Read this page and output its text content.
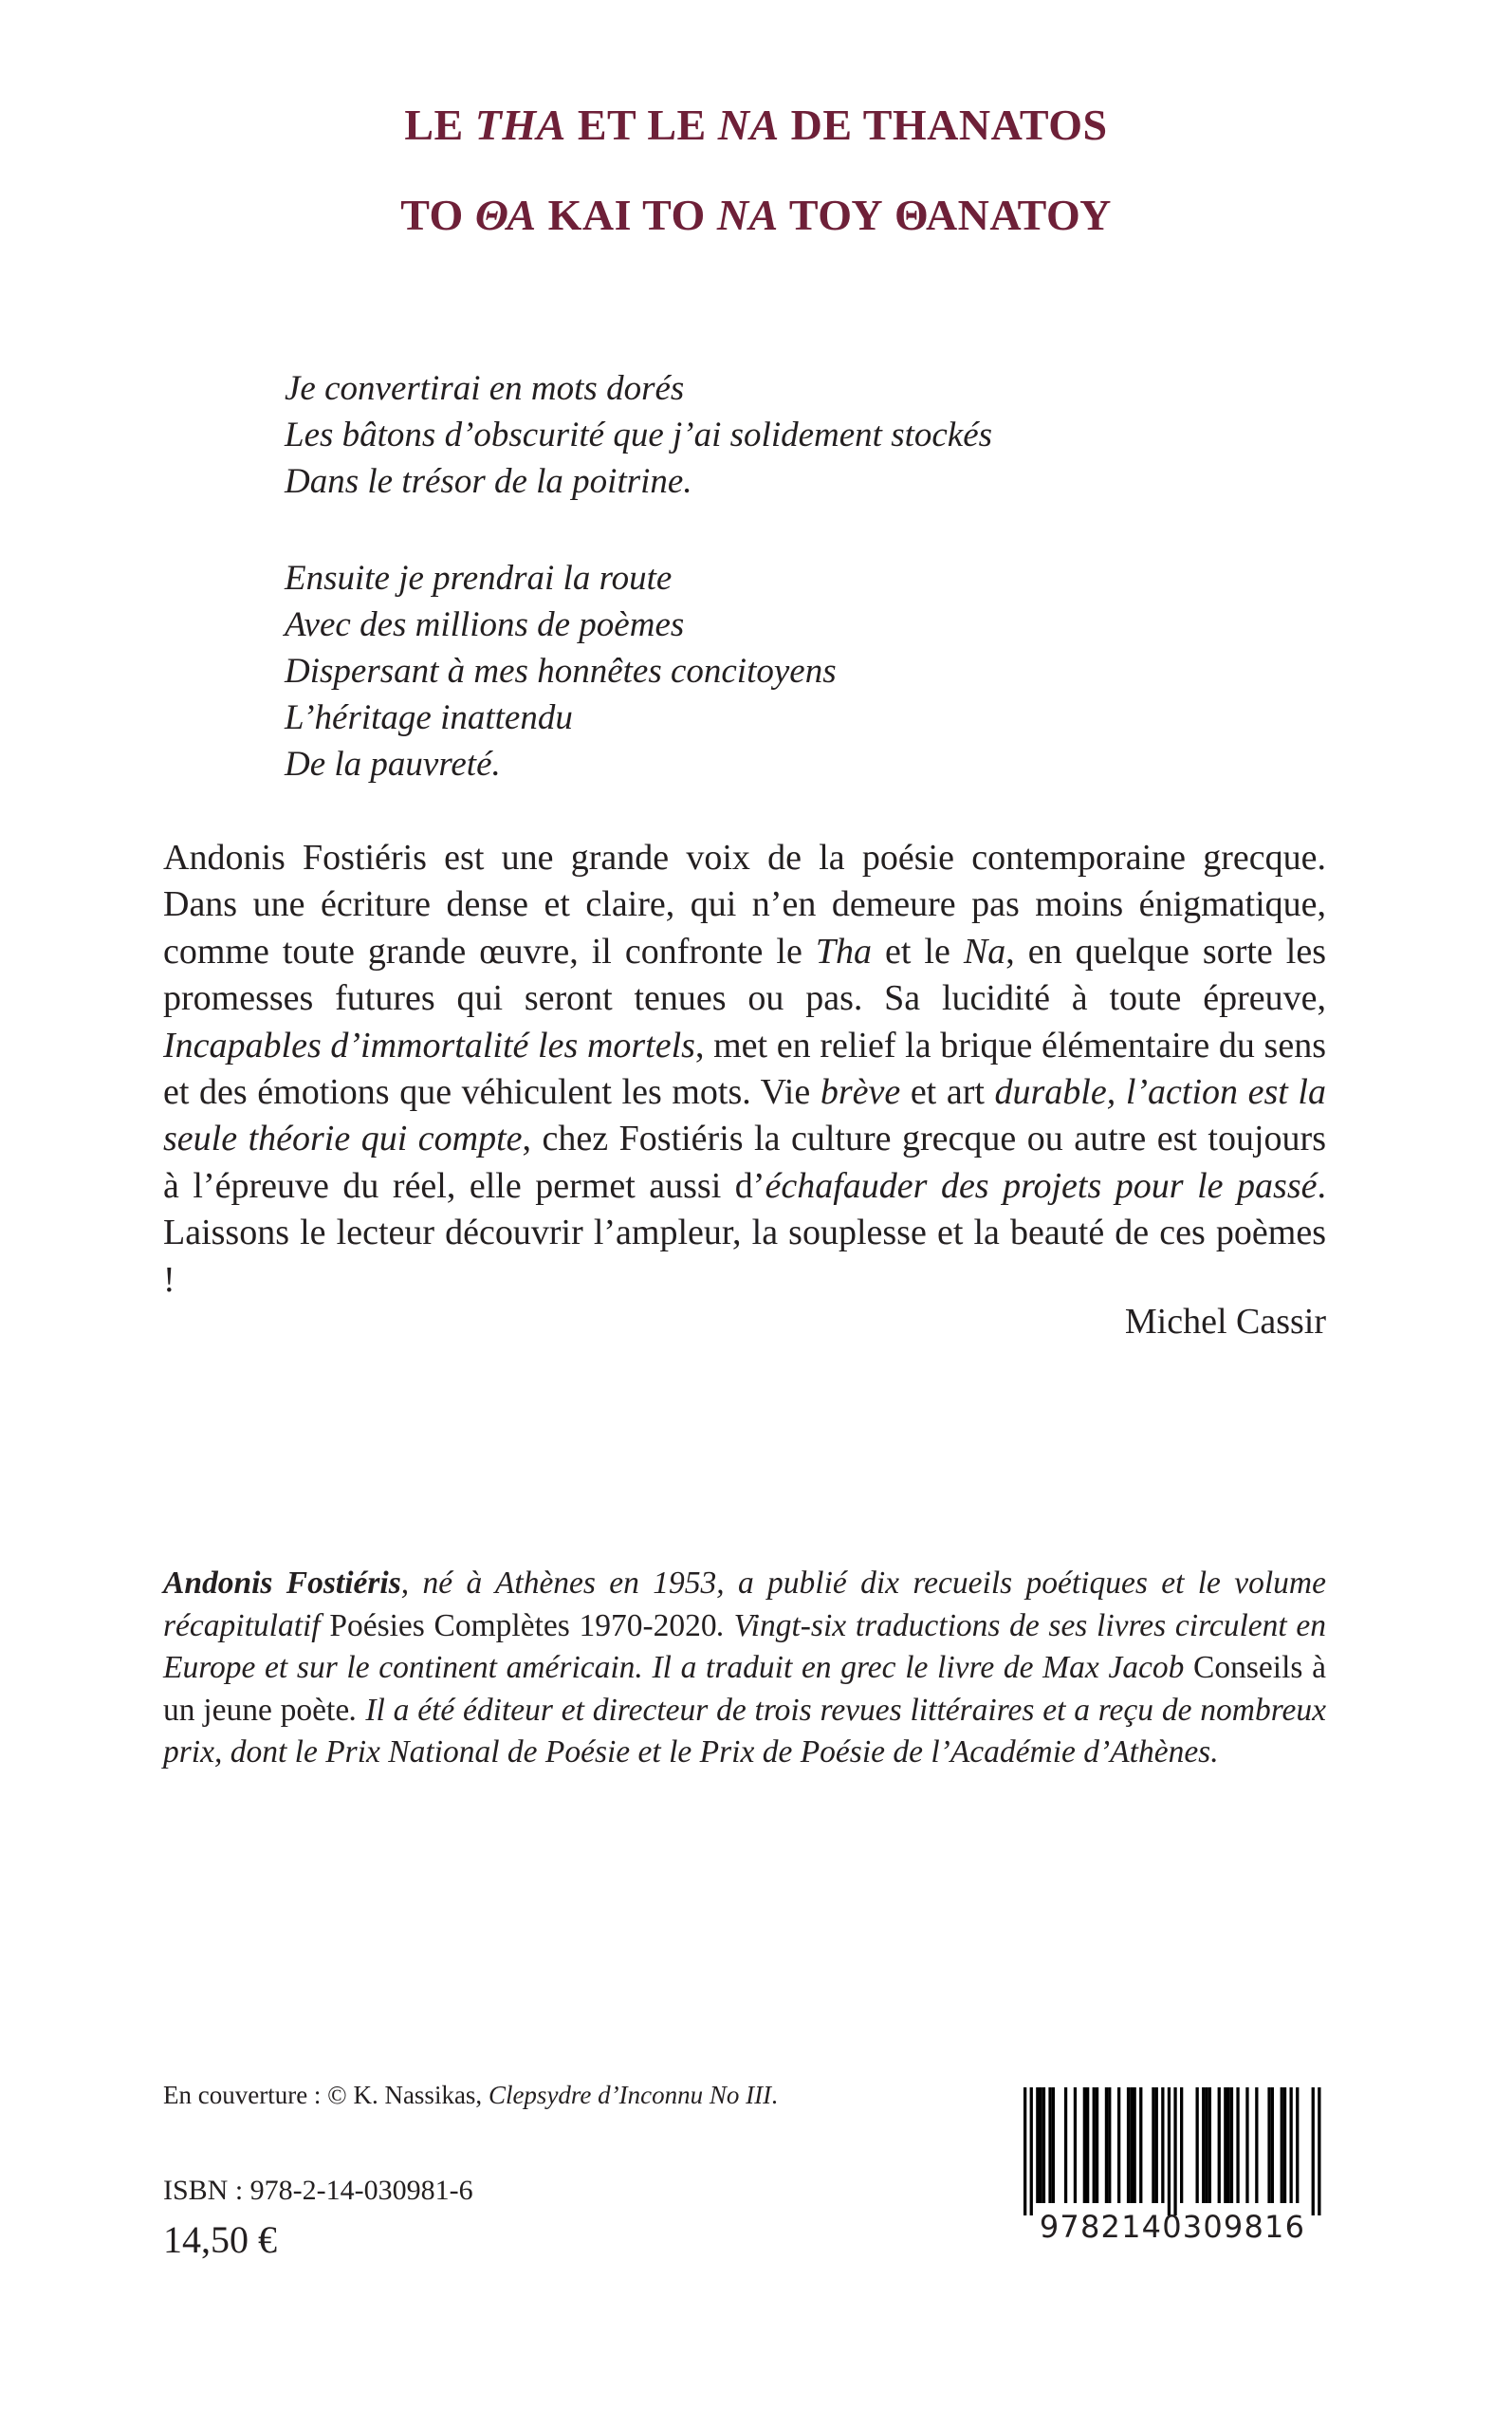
LE THA ET LE NA DE THANATOS
ΤΟ ΘΑ ΚΑΙ ΤΟ ΝΑ ΤΟΥ ΘΑΝΑΤΟΥ
Je convertirai en mots dorés
Les bâtons d’obscurité que j’ai solidement stockés
Dans le trésor de la poitrine.
Ensuite je prendrai la route
Avec des millions de poèmes
Dispersant à mes honnêtes concitoyens
L’héritage inattendu
De la pauvreté.

Andonis Fostiéris est une grande voix de la poésie contemporaine grecque. Dans une écriture dense et claire, qui n’en demeure pas moins énigmatique, comme toute grande œuvre, il confronte le Tha et le Na, en quelque sorte les promesses futures qui seront tenues ou pas. Sa lucidité à toute épreuve, Incapables d’immortalité les mortels, met en relief la brique élémentaire du sens et des émotions que véhiculent les mots. Vie brève et art durable, l’action est la seule théorie qui compte, chez Fostiéris la culture grecque ou autre est toujours à l’épreuve du réel, elle permet aussi d’échafauder des projets pour le passé. Laissons le lecteur découvrir l’ampleur, la souplesse et la beauté de ces poèmes !

Michel Cassir

Andonis Fostiéris, né à Athènes en 1953, a publié dix recueils poétiques et le volume récapitulatif Poésies Complètes 1970-2020. Vingt-six traductions de ses livres circulent en Europe et sur le continent américain. Il a traduit en grec le livre de Max Jacob Conseils à un jeune poète. Il a été éditeur et directeur de trois revues littéraires et a reçu de nombreux prix, dont le Prix National de Poésie et le Prix de Poésie de l’Académie d’Athènes.

En couverture : © K. Nassikas, Clepsydre d’Inconnu No III.
ISBN : 978-2-14-030981-6
14,50 €	9782140309816
